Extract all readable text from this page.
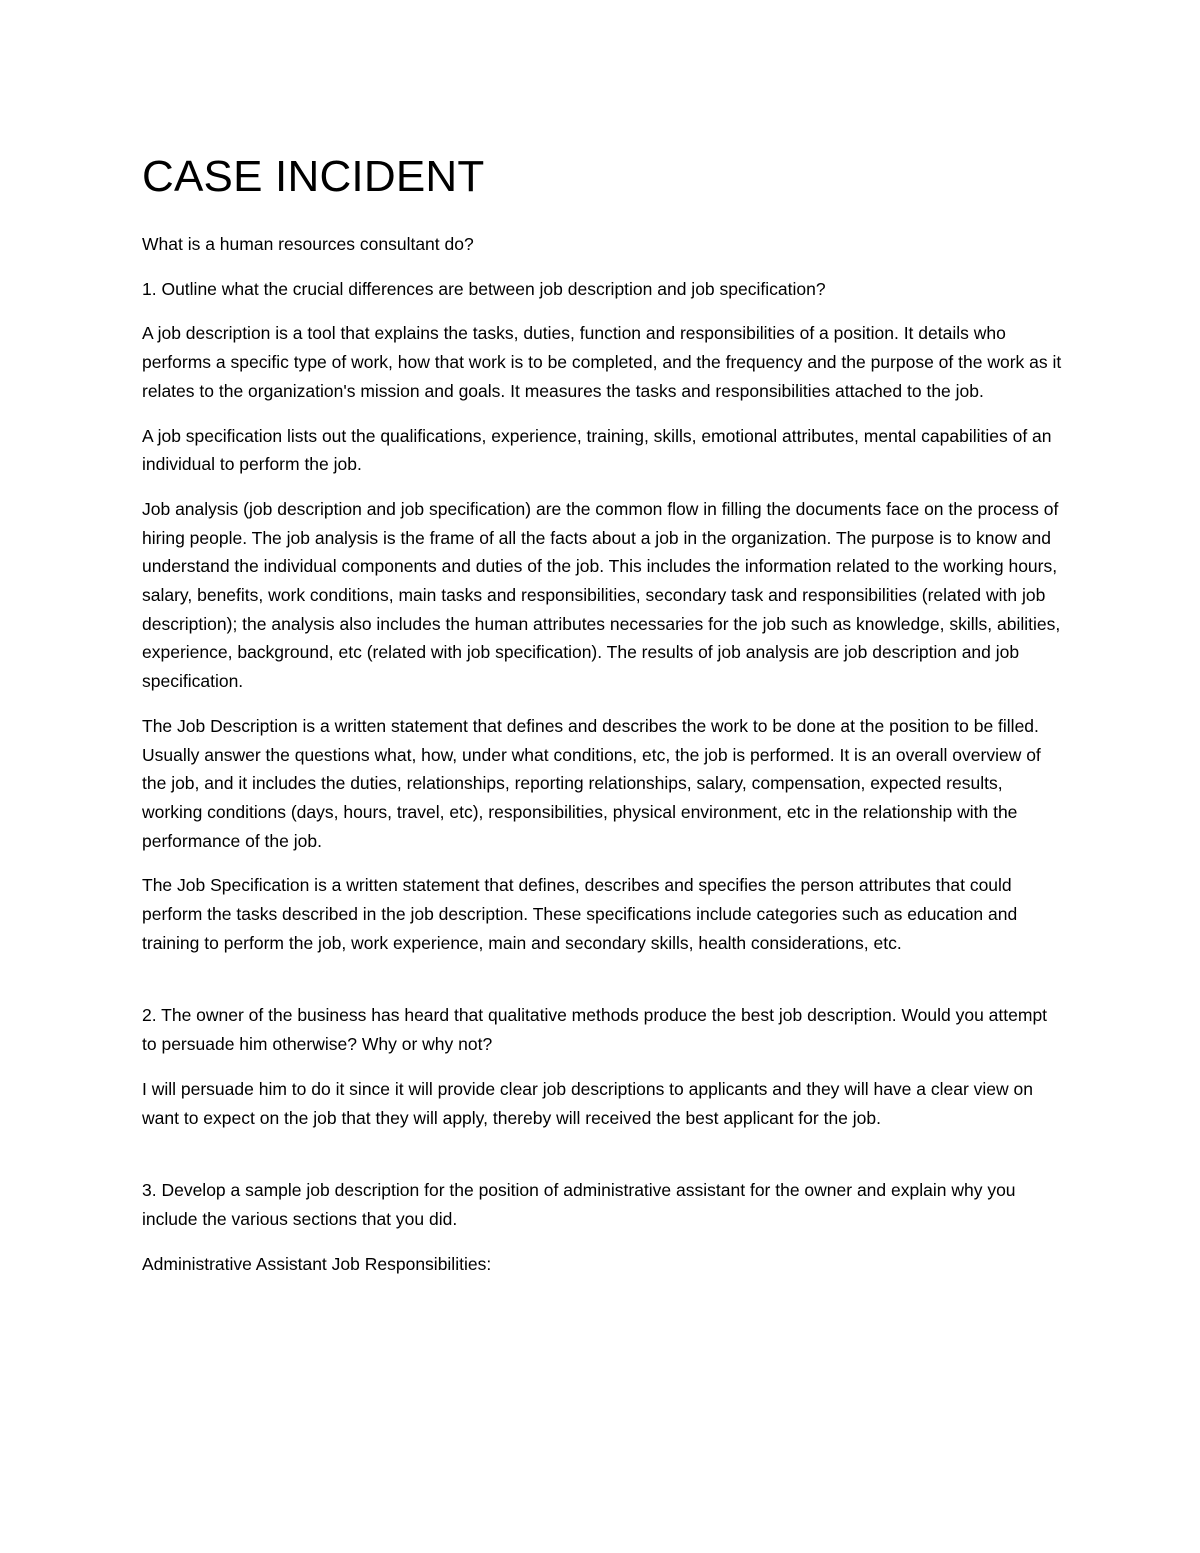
CASE INCIDENT

What is a human resources consultant do?

1. Outline what the crucial differences are between job description and job specification?

A job description is a tool that explains the tasks, duties, function and responsibilities of a position. It details who performs a specific type of work, how that work is to be completed, and the frequency and the purpose of the work as it relates to the organization's mission and goals. It measures the tasks and responsibilities attached to the job.

A job specification lists out the qualifications, experience, training, skills, emotional attributes, mental capabilities of an individual to perform the job.

Job analysis (job description and job specification) are the common flow in filling the documents face on the process of hiring people. The job analysis is the frame of all the facts about a job in the organization. The purpose is to know and understand the individual components and duties of the job. This includes the information related to the working hours, salary, benefits, work conditions, main tasks and responsibilities, secondary task and responsibilities (related with job description); the analysis also includes the human attributes necessaries for the job such as knowledge, skills, abilities, experience, background, etc (related with job specification). The results of job analysis are job description and job specification.

The Job Description is a written statement that defines and describes the work to be done at the position to be filled. Usually answer the questions what, how, under what conditions, etc, the job is performed. It is an overall overview of the job, and it includes the duties, relationships, reporting relationships, salary, compensation, expected results, working conditions (days, hours, travel, etc), responsibilities, physical environment, etc in the relationship with the performance of the job.

The Job Specification is a written statement that defines, describes and specifies the person attributes that could perform the tasks described in the job description. These specifications include categories such as education and training to perform the job, work experience, main and secondary skills, health considerations, etc.

2. The owner of the business has heard that qualitative methods produce the best job description. Would you attempt to persuade him otherwise? Why or why not?

I will persuade him to do it since it will provide clear job descriptions to applicants and they will have a clear view on want to expect on the job that they will apply, thereby will received the best applicant for the job.

3. Develop a sample job description for the position of administrative assistant for the owner and explain why you include the various sections that you did.

Administrative Assistant Job Responsibilities:
